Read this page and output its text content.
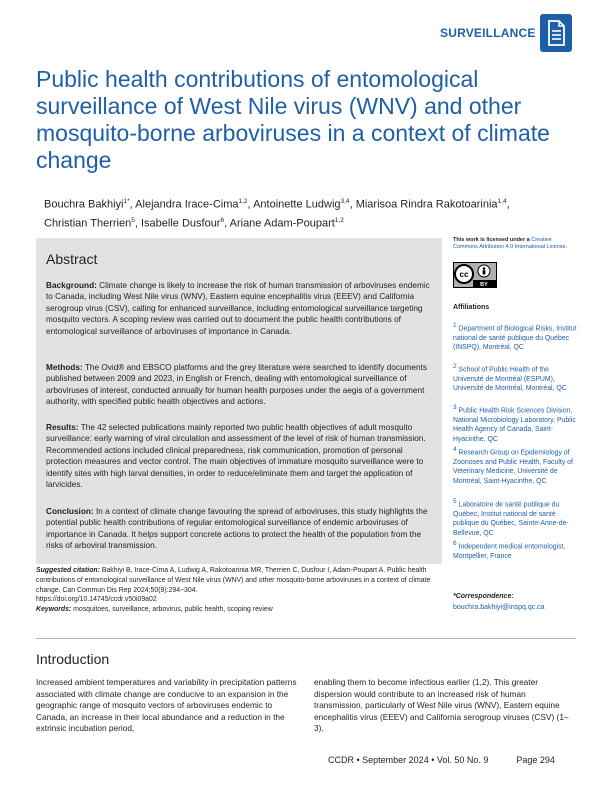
SURVEILLANCE
Public health contributions of entomological surveillance of West Nile virus (WNV) and other mosquito-borne arboviruses in a context of climate change
Bouchra Bakhiyi$^{1*}$, Alejandra Irace-Cima$^{1,2}$, Antoinette Ludwig$^{3,4}$, Miarisoa Rindra Rakotoarinia$^{1,4}$,
Christian Therrien$^5$, Isabelle Dusfour$^6$, Ariane Adam-Poupart$^{1,2}$
Abstract
Background: Climate change is likely to increase the risk of human transmission of arboviruses endemic to Canada, including West Nile virus (WNV), Eastern equine encephalitis virus (EEEV) and California serogroup virus (CSV), calling for enhanced surveillance, including entomological surveillance targeting mosquito vectors. A scoping review was carried out to document the public health contributions of entomological surveillance of arboviruses of importance in Canada.
Methods: The Ovid® and EBSCO platforms and the grey literature were searched to identify documents published between 2009 and 2023, in English or French, dealing with entomological surveillance of arboviruses of interest, conducted annually for human health purposes under the aegis of a government authority, with specified public health objectives and actions.
Results: The 42 selected publications mainly reported two public health objectives of adult mosquito surveillance: early warning of viral circulation and assessment of the level of risk of human transmission. Recommended actions included clinical preparedness, risk communication, promotion of personal protection measures and vector control. The main objectives of immature mosquito surveillance were to identify sites with high larval densities, in order to reduce/eliminate them and target the application of larvicides.
Conclusion: In a context of climate change favouring the spread of arboviruses, this study highlights the potential public health contributions of regular entomological surveillance of endemic arboviruses of importance in Canada. It helps support concrete actions to protect the health of the population from the risks of arboviral transmission.
Suggested citation: Bakhiyi B, Irace-Cima A, Ludwig A, Rakotoarinia MR, Therrien C, Dusfour I, Adam-Poupart A. Public health contributions of entomological surveillance of West Nile virus (WNV) and other mosquito-borne arboviruses in a context of climate change. Can Commun Dis Rep 2024;50(9):294−304.
https://doi.org/10.14745/ccdr.v50i09a02
Keywords: mosquitoes, surveillance, arbovirus, public health, scoping review
This work is licensed under a Creative Commons Attribution 4.0 International License.
cc
BY
Affiliations
$^1$ Department of Biological Risks, Institut national de santé publique du Québec (INSPQ), Montréal, QC
$^2$ School of Public Health of the Université de Montréal (ESPUM), Université de Montréal, Montréal, QC
$^3$ Public Health Risk Sciences Division, National Microbiology Laboratory, Public Health Agency of Canada, Saint-Hyacinthe, QC
$^4$ Research Group on Epidemiology of Zoonoses and Public Health, Faculty of Veterinary Medicine, Université de Montréal, Saint-Hyacinthe, QC
$^5$ Laboratoire de santé publique du Québec, Institut national de santé publique du Québec, Sainte-Anne-de-Bellevue, QC
$^6$ Independent medical entomologist, Montpellier, France
*Correspondence:
bouchra.bakhiyi@inspq.qc.ca
Introduction
Increased ambient temperatures and variability in precipitation patterns associated with climate change are conducive to an expansion in the geographic range of mosquito vectors of arboviruses endemic to Canada, an increase in their local abundance and a reduction in the extrinsic incubation period,
enabling them to become infectious earlier (1,2). This greater dispersion would contribute to an increased risk of human transmission, particularly of West Nile virus (WNV), Eastern equine encephalitis virus (EEEV) and California serogroup viruses (CSV) (1–3).
CCDR • September 2024 • Vol. 50 No. 9	Page 294
